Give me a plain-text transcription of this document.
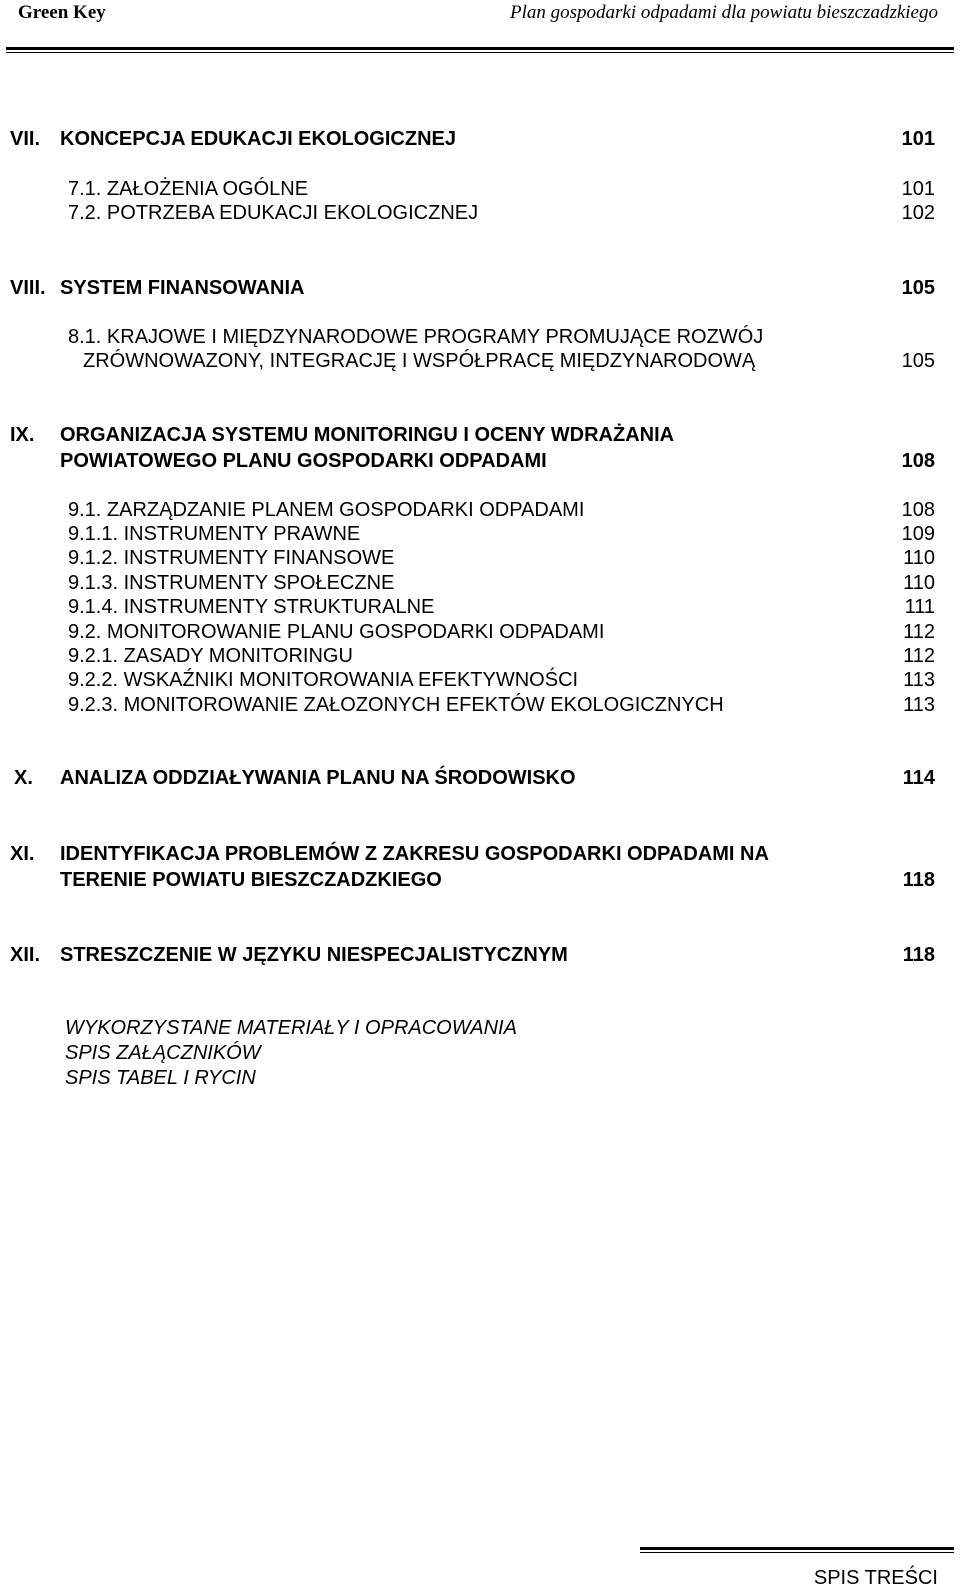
Green Key	Plan gospodarki odpadami dla powiatu bieszczadzkiego
VII. KONCEPCJA EDUKACJI EKOLOGICZNEJ	101
7.1. ZAŁOŻENIA OGÓLNE	101
7.2. POTRZEBA EDUKACJI EKOLOGICZNEJ	102
VIII. SYSTEM FINANSOWANIA	105
8.1. KRAJOWE I MIĘDZYNARODOWE PROGRAMY PROMUJĄCE ROZWÓJ
ZRÓWNOWAZONY, INTEGRACJĘ I WSPÓŁPRACĘ MIĘDZYNARODOWĄ	105
IX. ORGANIZACJA SYSTEMU MONITORINGU I OCENY WDRAŻANIA
POWIATOWEGO PLANU GOSPODARKI ODPADAMI	108
9.1. ZARZĄDZANIE PLANEM GOSPODARKI ODPADAMI	108
9.1.1. INSTRUMENTY PRAWNE	109
9.1.2. INSTRUMENTY FINANSOWE	110
9.1.3. INSTRUMENTY SPOŁECZNE	110
9.1.4. INSTRUMENTY STRUKTURALNE	111
9.2. MONITOROWANIE PLANU GOSPODARKI ODPADAMI	112
9.2.1. ZASADY MONITORINGU	112
9.2.2. WSKAŹNIKI MONITOROWANIA EFEKTYWNOŚCI	113
9.2.3. MONITOROWANIE ZAŁOZONYCH EFEKTÓW EKOLOGICZNYCH	113
X. ANALIZA ODDZIAŁYWANIA PLANU NA ŚRODOWISKO	114
XI. IDENTYFIKACJA PROBLEMÓW Z ZAKRESU GOSPODARKI ODPADAMI NA
TERENIE POWIATU BIESZCZADZKIEGO	118
XII. STRESZCZENIE W JĘZYKU NIESPECJALISTYCZNYM	118
WYKORZYSTANE MATERIAŁY I OPRACOWANIA
SPIS ZAŁĄCZNIKÓW
SPIS TABEL I RYCIN
SPIS TREŚCI
